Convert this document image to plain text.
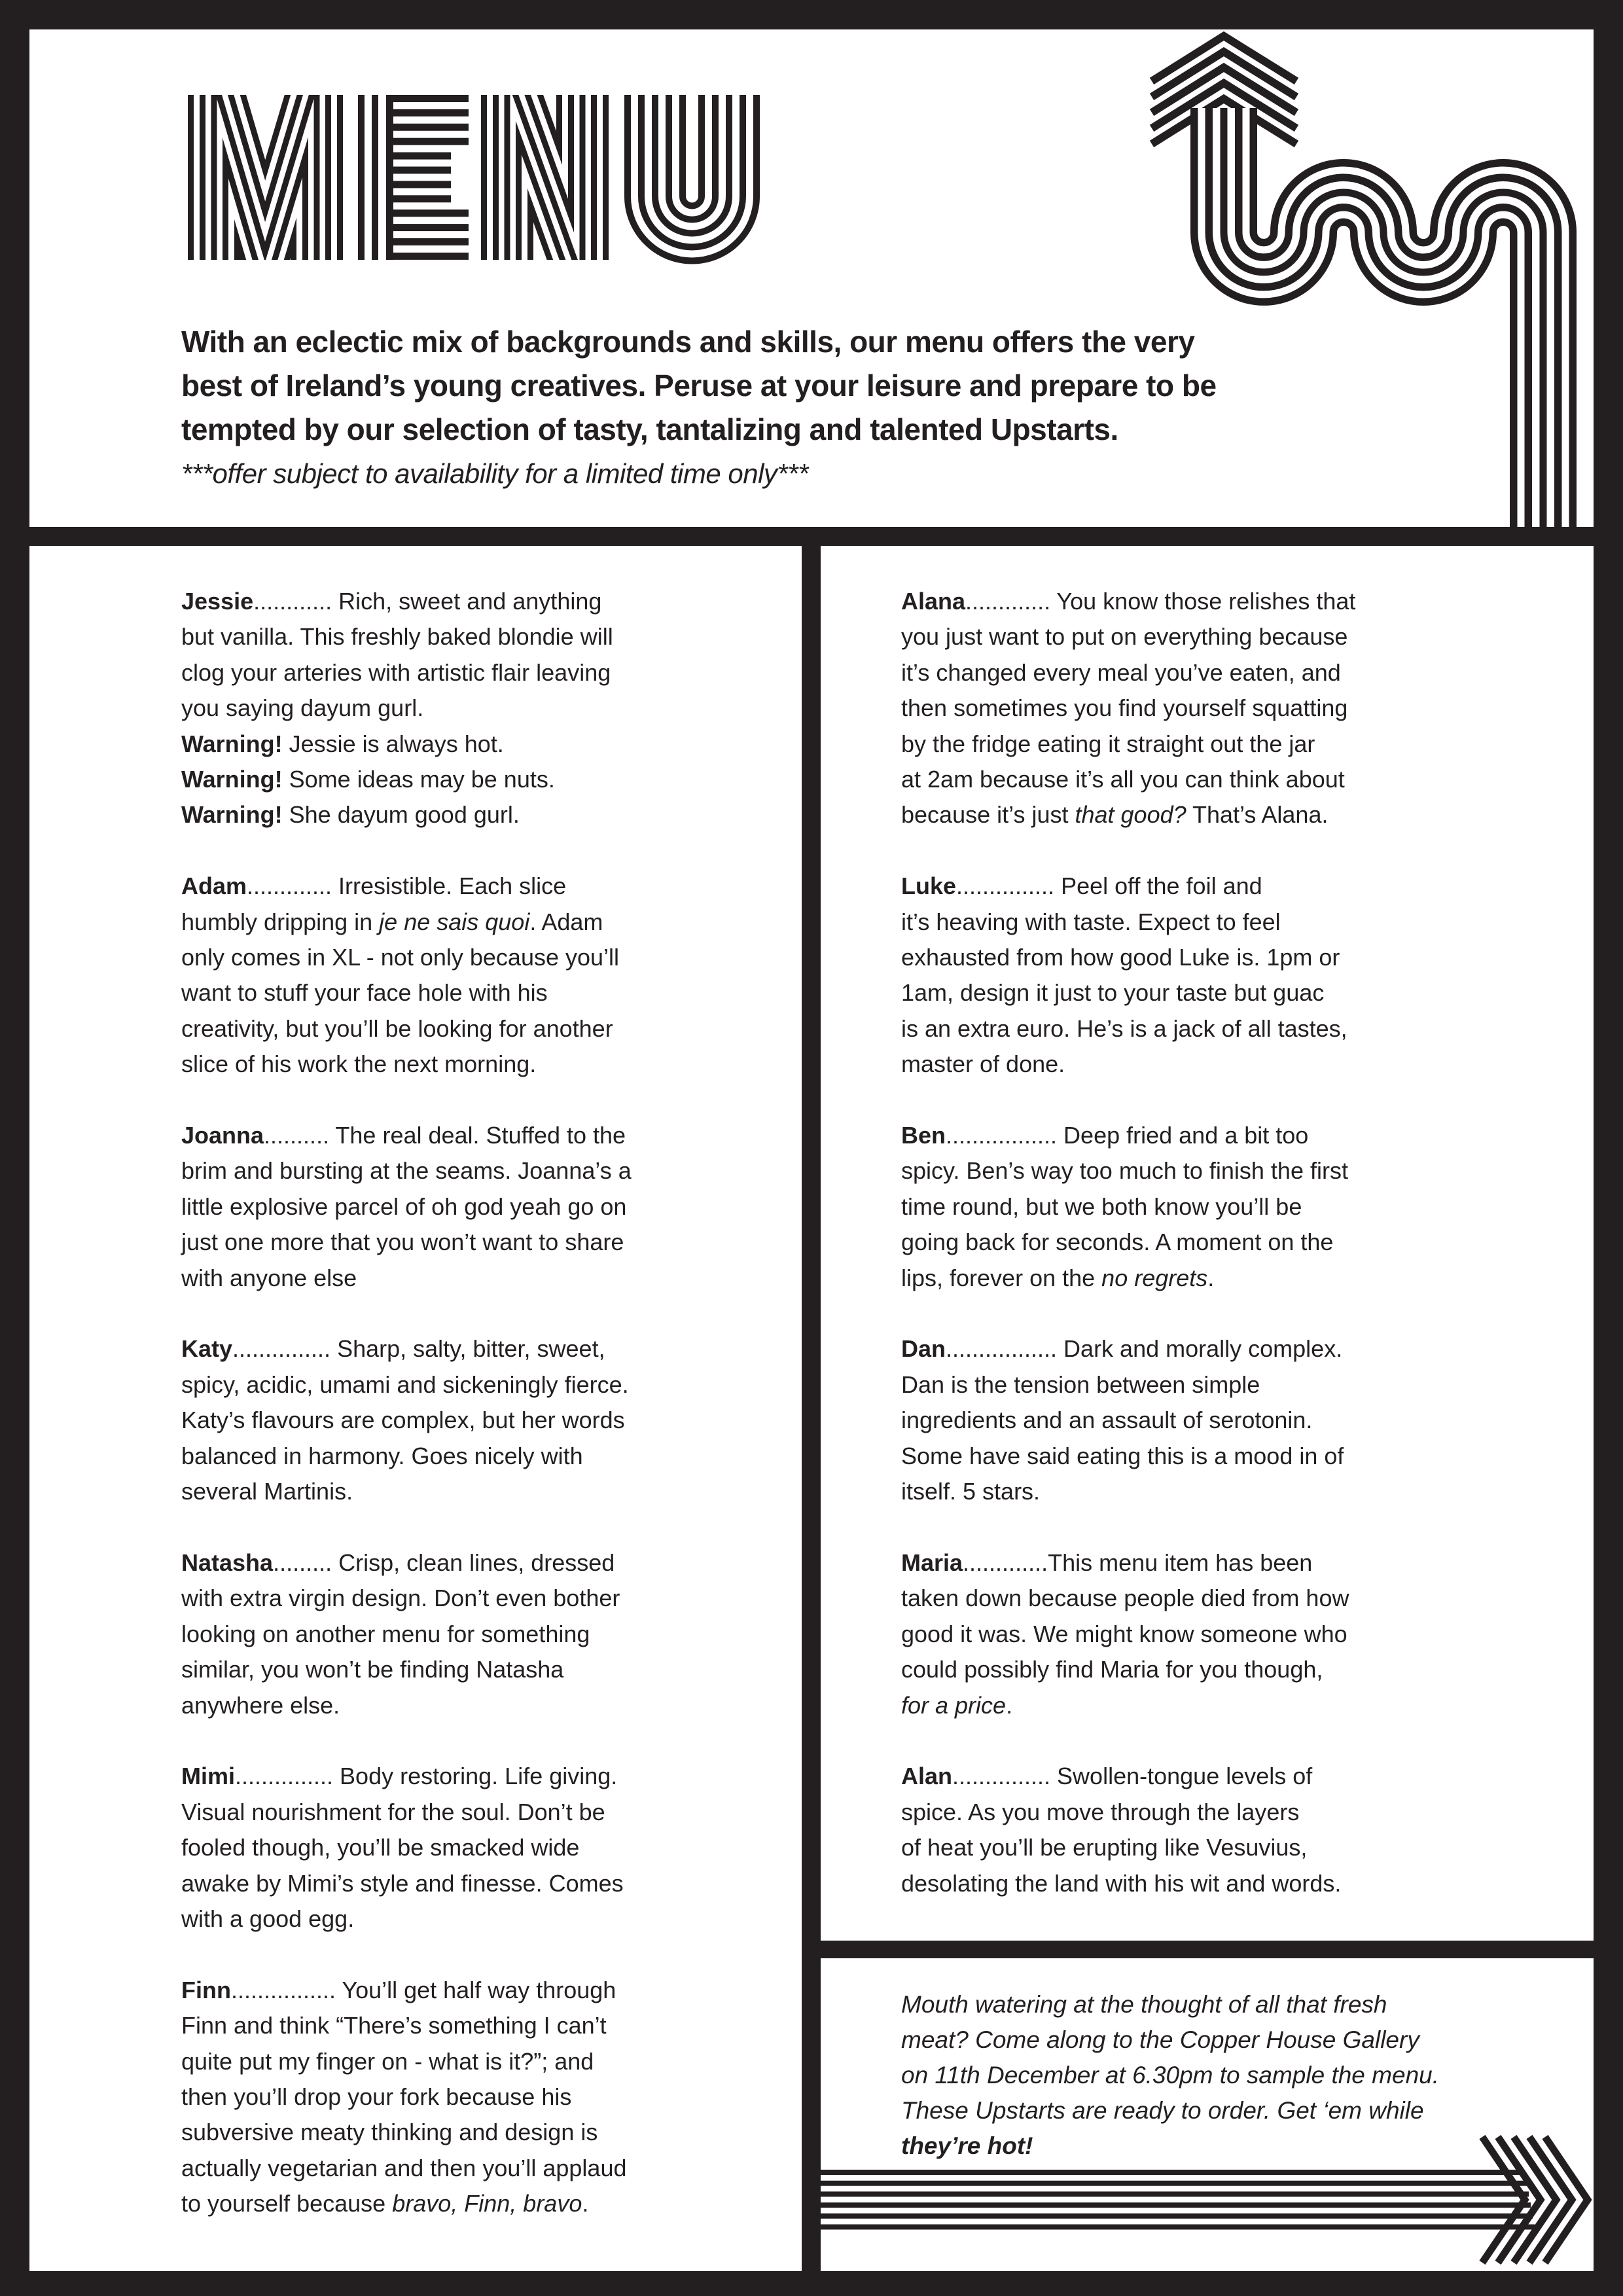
With an eclectic mix of backgrounds and skills, our menu offers the very
best of Ireland’s young creatives. Peruse at your leisure and prepare to be
tempted by our selection of tasty, tantalizing and talented Upstarts.
***offer subject to availability for a limited time only***
Jessie............ Rich, sweet and anything
but vanilla. This freshly baked blondie will
clog your arteries with artistic flair leaving
you saying dayum gurl.
Warning! Jessie is always hot.
Warning! Some ideas may be nuts.
Warning! She dayum good gurl.
Adam............. Irresistible. Each slice
humbly dripping in je ne sais quoi. Adam
only comes in XL - not only because you’ll
want to stuff your face hole with his
creativity, but you’ll be looking for another
slice of his work the next morning.
Joanna.......... The real deal. Stuffed to the
brim and bursting at the seams. Joanna’s a
little explosive parcel of oh god yeah go on
just one more that you won’t want to share
with anyone else
Katy............... Sharp, salty, bitter, sweet,
spicy, acidic, umami and sickeningly fierce.
Katy’s flavours are complex, but her words
balanced in harmony. Goes nicely with
several Martinis.
Natasha......... Crisp, clean lines, dressed
with extra virgin design. Don’t even bother
looking on another menu for something
similar, you won’t be finding Natasha
anywhere else.
Mimi............... Body restoring. Life giving.
Visual nourishment for the soul. Don’t be
fooled though, you’ll be smacked wide
awake by Mimi’s style and finesse. Comes
with a good egg.
Finn................ You’ll get half way through
Finn and think “There’s something I can’t
quite put my finger on - what is it?”; and
then you’ll drop your fork because his
subversive meaty thinking and design is
actually vegetarian and then you’ll applaud
to yourself because bravo, Finn, bravo.
Alana............. You know those relishes that
you just want to put on everything because
it’s changed every meal you’ve eaten, and
then sometimes you find yourself squatting
by the fridge eating it straight out the jar
at 2am because it’s all you can think about
because it’s just that good? That’s Alana.
Luke............... Peel off the foil and
it’s heaving with taste. Expect to feel
exhausted from how good Luke is. 1pm or
1am, design it just to your taste but guac
is an extra euro. He’s is a jack of all tastes,
master of done.
Ben................. Deep fried and a bit too
spicy. Ben’s way too much to finish the first
time round, but we both know you’ll be
going back for seconds. A moment on the
lips, forever on the no regrets.
Dan................. Dark and morally complex.
Dan is the tension between simple
ingredients and an assault of serotonin.
Some have said eating this is a mood in of
itself. 5 stars.
Maria.............This menu item has been
taken down because people died from how
good it was. We might know someone who
could possibly find Maria for you though,
for a price.
Alan............... Swollen-tongue levels of
spice. As you move through the layers
of heat you’ll be erupting like Vesuvius,
desolating the land with his wit and words.
Mouth watering at the thought of all that fresh
meat? Come along to the Copper House Gallery
on 11th December at 6.30pm to sample the menu.
These Upstarts are ready to order. Get ‘em while
they’re hot!
